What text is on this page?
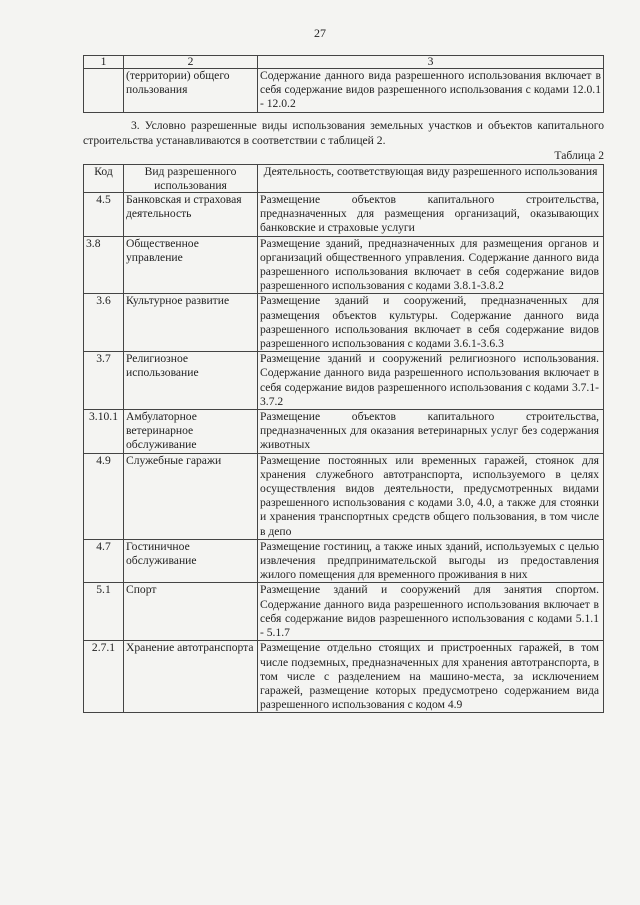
27
1	2	3
	(территории) общего пользования	Содержание данного вида разрешенного использования включает в себя содержание видов разрешенного использования с кодами 12.0.1 - 12.0.2
3. Условно разрешенные виды использования земельных участков и объектов капитального строительства устанавливаются в соответствии с таблицей 2.
Таблица 2
Код	Вид разрешенного использования	Деятельность, соответствующая виду разрешенного использования
4.5	Банковская и страховая деятельность	Размещение объектов капитального строительства, предназначенных для размещения организаций, оказывающих банковские и страховые услуги
3.8	Общественное управление	Размещение зданий, предназначенных для размещения органов и организаций общественного управления. Содержание данного вида разрешенного использования включает в себя содержание видов разрешенного использования с кодами 3.8.1-3.8.2
3.6	Культурное развитие	Размещение зданий и сооружений, предназначенных для размещения объектов культуры. Содержание данного вида разрешенного использования включает в себя содержание видов разрешенного использования с кодами 3.6.1-3.6.3
3.7	Религиозное использование	Размещение зданий и сооружений религиозного использования. Содержание данного вида разрешенного использования включает в себя содержание видов разрешенного использования с кодами 3.7.1-3.7.2
3.10.1	Амбулаторное ветеринарное обслуживание	Размещение объектов капитального строительства, предназначенных для оказания ветеринарных услуг без содержания животных
4.9	Служебные гаражи	Размещение постоянных или временных гаражей, стоянок для хранения служебного автотранспорта, используемого в целях осуществления видов деятельности, предусмотренных видами разрешенного использования с кодами 3.0, 4.0, а также для стоянки и хранения транспортных средств общего пользования, в том числе в депо
4.7	Гостиничное обслуживание	Размещение гостиниц, а также иных зданий, используемых с целью извлечения предпринимательской выгоды из предоставления жилого помещения для временного проживания в них
5.1	Спорт	Размещение зданий и сооружений для занятия спортом. Содержание данного вида разрешенного использования включает в себя содержание видов разрешенного использования с кодами 5.1.1 - 5.1.7
2.7.1	Хранение автотранспорта	Размещение отдельно стоящих и пристроенных гаражей, в том числе подземных, предназначенных для хранения автотранспорта, в том числе с разделением на машино-места, за исключением гаражей, размещение которых предусмотрено содержанием вида разрешенного использования с кодом 4.9
